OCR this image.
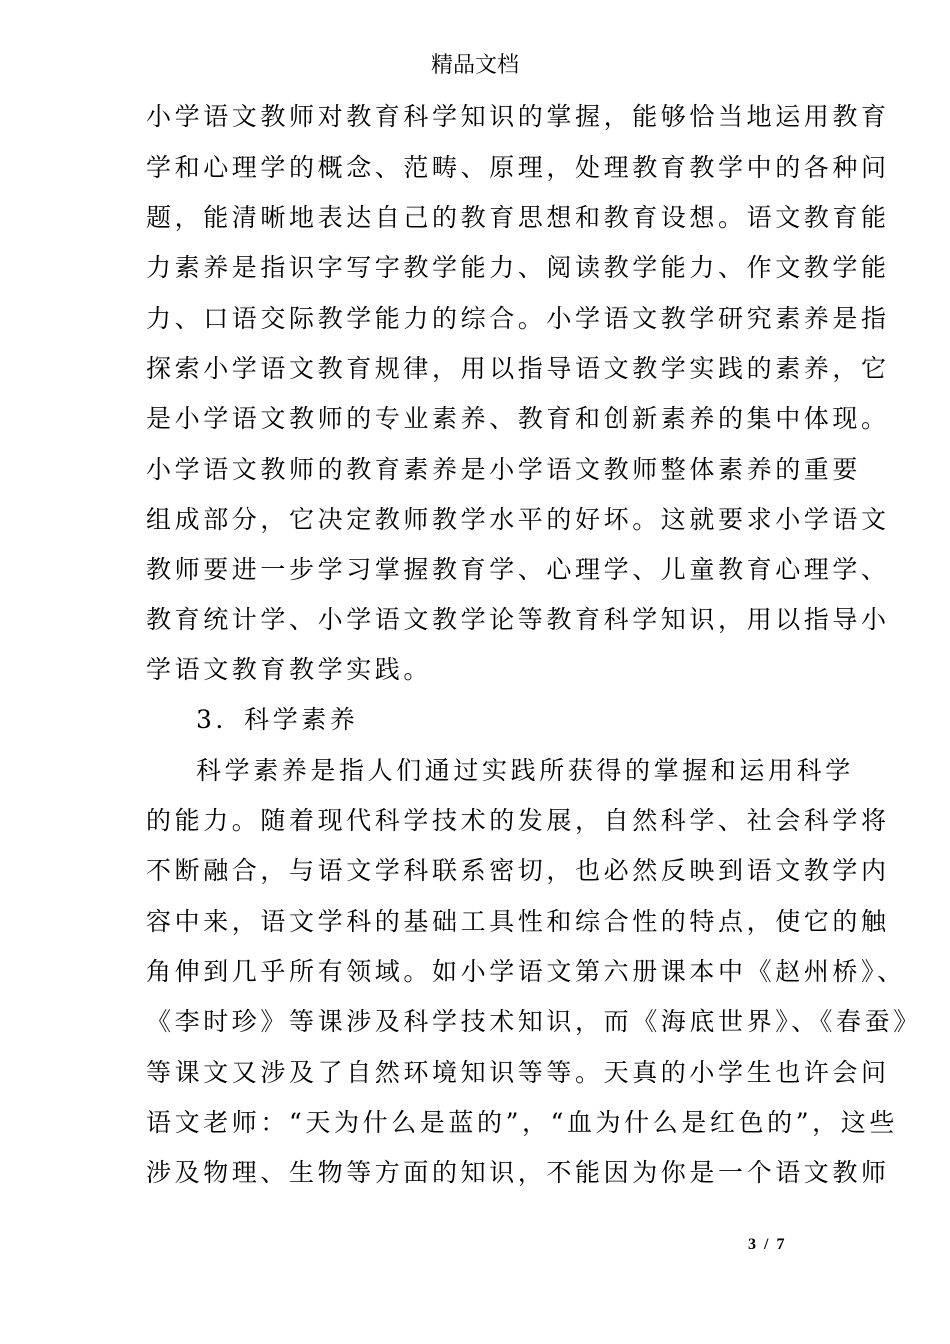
精品文档
小学语文教师对教育科学知识的掌握，能够恰当地运用教育
学和心理学的概念、范畴、原理，处理教育教学中的各种问
题，能清晰地表达自己的教育思想和教育设想。语文教育能
力素养是指识字写字教学能力、阅读教学能力、作文教学能
力、口语交际教学能力的综合。小学语文教学研究素养是指
探索小学语文教育规律，用以指导语文教学实践的素养，它
是小学语文教师的专业素养、教育和创新素养的集中体现。
小学语文教师的教育素养是小学语文教师整体素养的重要
组成部分，它决定教师教学水平的好坏。这就要求小学语文
教师要进一步学习掌握教育学、心理学、儿童教育心理学、
教育统计学、小学语文教学论等教育科学知识，用以指导小
学语文教育教学实践。
3．科学素养
科学素养是指人们通过实践所获得的掌握和运用科学
的能力。随着现代科学技术的发展，自然科学、社会科学将
不断融合，与语文学科联系密切，也必然反映到语文教学内
容中来，语文学科的基础工具性和综合性的特点，使它的触
角伸到几乎所有领域。如小学语文第六册课本中《赵州桥》、
《李时珍》等课涉及科学技术知识，而《海底世界》、《春蚕》
等课文又涉及了自然环境知识等等。天真的小学生也许会问
语文老师：“天为什么是蓝的”，“血为什么是红色的”，这些
涉及物理、生物等方面的知识，不能因为你是一个语文教师
3 / 7
